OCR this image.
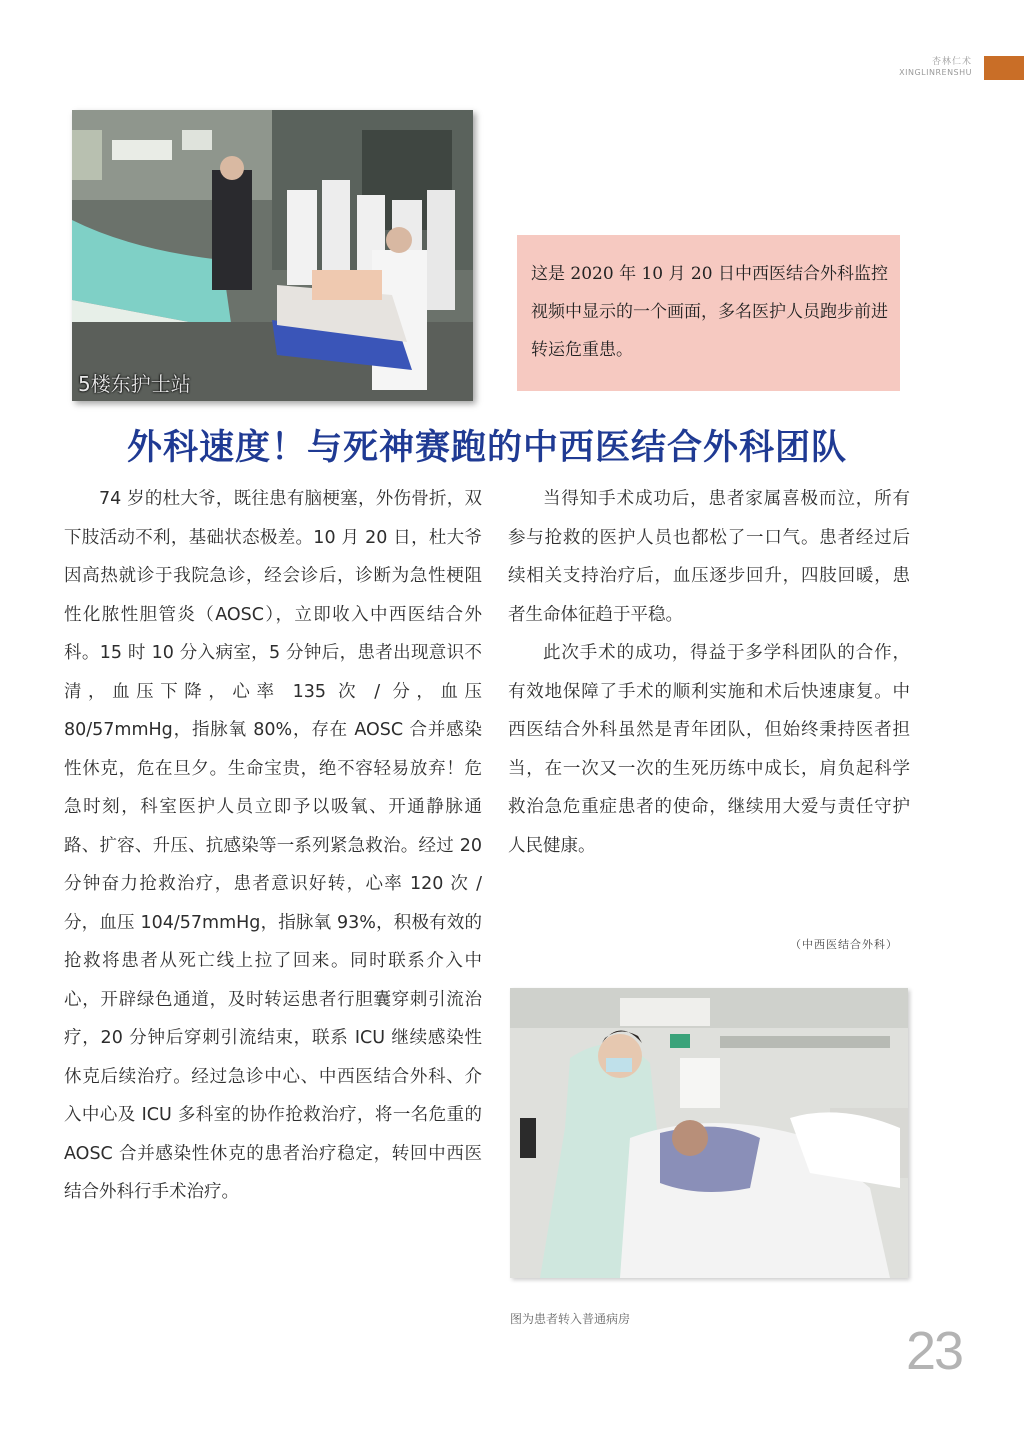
杏林仁术
XINGLINRENSHU
5楼东护士站
这是 2020 年 10 月 20 日中西医结合外科监控视频中显示的一个画面，多名医护人员跑步前进转运危重患。
外科速度！与死神赛跑的中西医结合外科团队

74 岁的杜大爷，既往患有脑梗塞，外伤骨折，双下肢活动不利，基础状态极差。10 月 20 日，杜大爷因高热就诊于我院急诊，经会诊后，诊断为急性梗阻性化脓性胆管炎（AOSC），立即收入中西医结合外科。15 时 10 分入病室，5 分钟后，患者出现意识不清，血压下降，心率 135 次 / 分，血压 80/57mmHg，指脉氧 80%，存在 AOSC 合并感染性休克，危在旦夕。生命宝贵，绝不容轻易放弃！危急时刻，科室医护人员立即予以吸氧、开通静脉通路、扩容、升压、抗感染等一系列紧急救治。经过 20 分钟奋力抢救治疗，患者意识好转，心率 120 次 / 分，血压 104/57mmHg，指脉氧 93%，积极有效的抢救将患者从死亡线上拉了回来。同时联系介入中心，开辟绿色通道，及时转运患者行胆囊穿刺引流治疗，20 分钟后穿刺引流结束，联系 ICU 继续感染性休克后续治疗。经过急诊中心、中西医结合外科、介入中心及 ICU 多科室的协作抢救治疗，将一名危重的 AOSC 合并感染性休克的患者治疗稳定，转回中西医结合外科行手术治疗。

当得知手术成功后，患者家属喜极而泣，所有参与抢救的医护人员也都松了一口气。患者经过后续相关支持治疗后，血压逐步回升，四肢回暖，患者生命体征趋于平稳。

此次手术的成功，得益于多学科团队的合作，有效地保障了手术的顺利实施和术后快速康复。中西医结合外科虽然是青年团队，但始终秉持医者担当，在一次又一次的生死历练中成长，肩负起科学救治急危重症患者的使命，继续用大爱与责任守护人民健康。

（中西医结合外科）
图为患者转入普通病房
23
